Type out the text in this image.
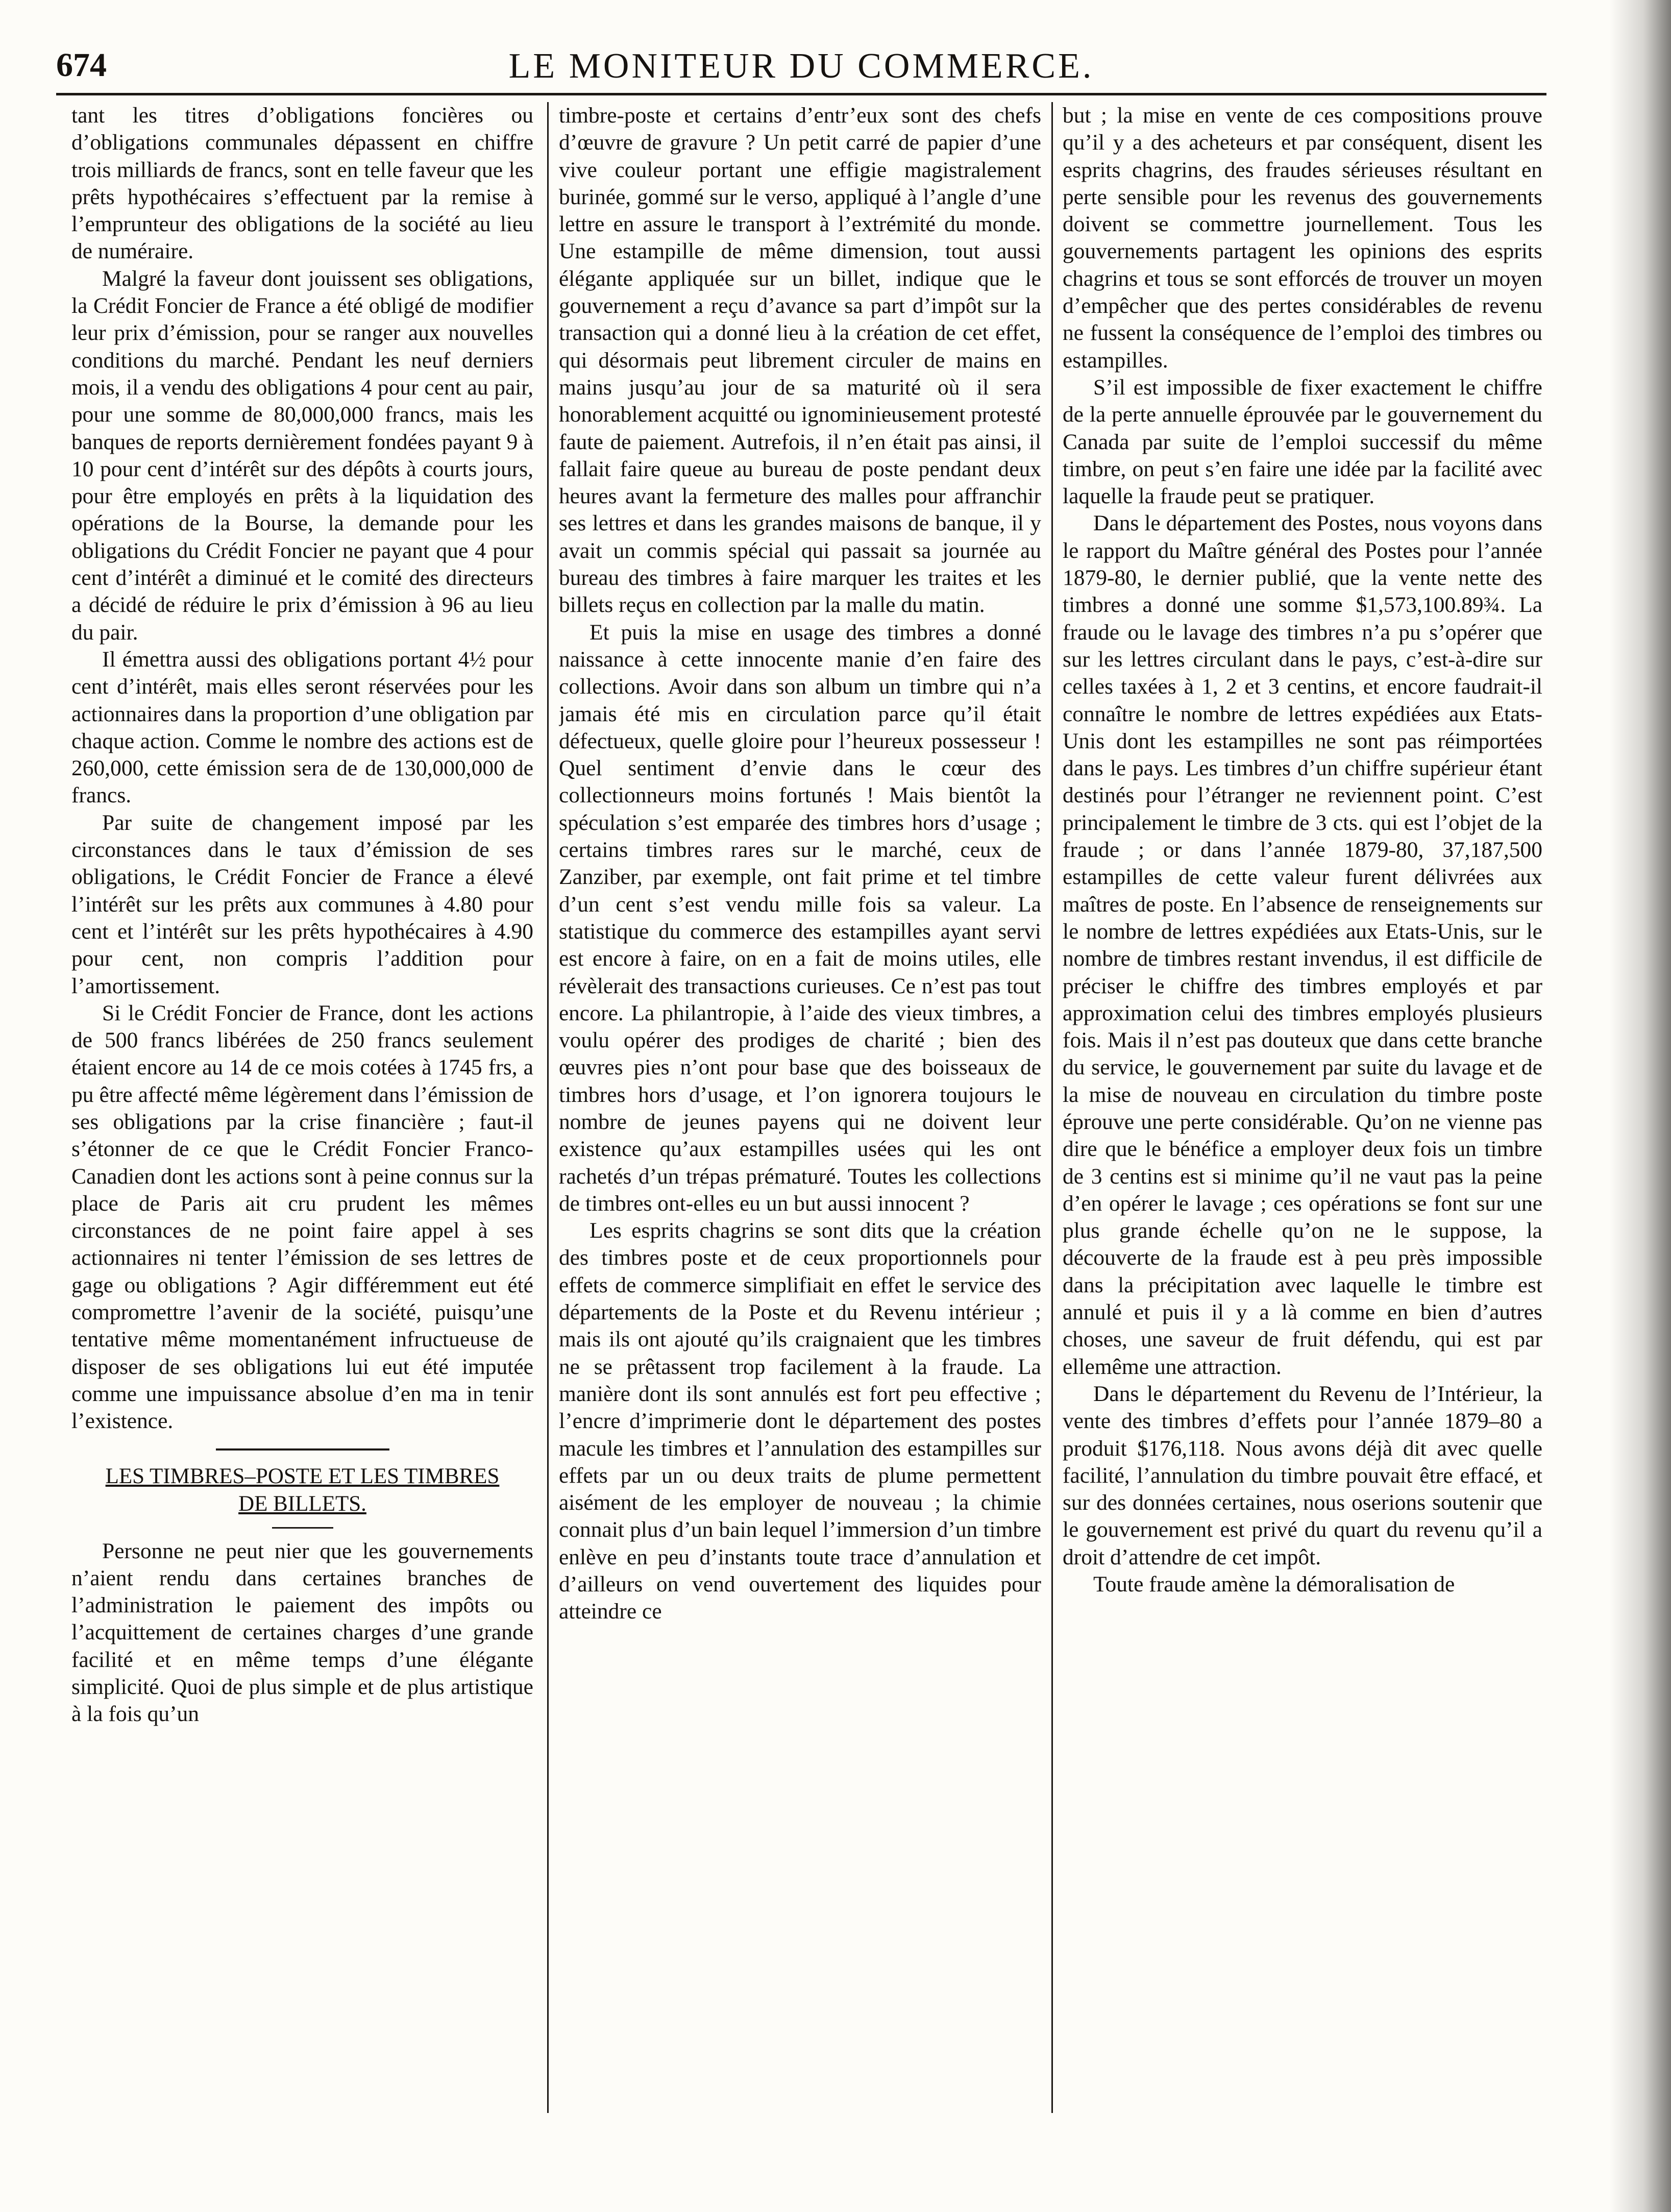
674	LE MONITEUR DU COMMERCE.

tant les titres d’obligations foncières ou d’obligations communales dépassent en chiffre trois milliards de francs, sont en telle faveur que les prêts hypothécaires s’effectuent par la remise à l’emprunteur des obligations de la société au lieu de numéraire.

Malgré la faveur dont jouissent ses obligations, la Crédit Foncier de France a été obligé de modifier leur prix d’émission, pour se ranger aux nouvelles conditions du marché. Pendant les neuf derniers mois, il a vendu des obligations 4 pour cent au pair, pour une somme de 80,000,000 francs, mais les banques de reports dernièrement fondées payant 9 à 10 pour cent d’intérêt sur des dépôts à courts jours, pour être employés en prêts à la liquidation des opérations de la Bourse, la demande pour les obligations du Crédit Foncier ne payant que 4 pour cent d’intérêt a diminué et le comité des directeurs a décidé de réduire le prix d’émission à 96 au lieu du pair.

Il émettra aussi des obligations portant 4½ pour cent d’intérêt, mais elles seront réservées pour les actionnaires dans la proportion d’une obligation par chaque action. Comme le nombre des actions est de 260,000, cette émission sera de de 130,000,000 de francs.

Par suite de changement imposé par les circonstances dans le taux d’émission de ses obligations, le Crédit Foncier de France a élevé l’intérêt sur les prêts aux communes à 4.80 pour cent et l’intérêt sur les prêts hypothécaires à 4.90 pour cent, non compris l’addition pour l’amortissement.

Si le Crédit Foncier de France, dont les actions de 500 francs libérées de 250 francs seulement étaient encore au 14 de ce mois cotées à 1745 frs, a pu être affecté même légèrement dans l’émission de ses obligations par la crise financière ; faut-il s’étonner de ce que le Crédit Foncier Franco-Canadien dont les actions sont à peine connus sur la place de Paris ait cru prudent les mêmes circonstances de ne point faire appel à ses actionnaires ni tenter l’émission de ses lettres de gage ou obligations ? Agir différemment eut été compromettre l’avenir de la société, puisqu’une tentative même momentanément infructueuse de disposer de ses obligations lui eut été imputée comme une impuissance absolue d’en ma in tenir l’existence.

LES TIMBRES–POSTE ET LES TIMBRES
DE BILLETS.

Personne ne peut nier que les gouvernements n’aient rendu dans certaines branches de l’administration le paiement des impôts ou l’acquittement de certaines charges d’une grande facilité et en même temps d’une élégante simplicité. Quoi de plus simple et de plus artistique à la fois qu’un

timbre-poste et certains d’entr’eux sont des chefs d’œuvre de gravure ? Un petit carré de papier d’une vive couleur portant une effigie magistralement burinée, gommé sur le verso, appliqué à l’angle d’une lettre en assure le transport à l’extrémité du monde. Une estampille de même dimension, tout aussi élégante appliquée sur un billet, indique que le gouvernement a reçu d’avance sa part d’impôt sur la transaction qui a donné lieu à la création de cet effet, qui désormais peut librement circuler de mains en mains jusqu’au jour de sa maturité où il sera honorablement acquitté ou ignominieusement protesté faute de paiement. Autrefois, il n’en était pas ainsi, il fallait faire queue au bureau de poste pendant deux heures avant la fermeture des malles pour affranchir ses lettres et dans les grandes maisons de banque, il y avait un commis spécial qui passait sa journée au bureau des timbres à faire marquer les traites et les billets reçus en collection par la malle du matin.

Et puis la mise en usage des timbres a donné naissance à cette innocente manie d’en faire des collections. Avoir dans son album un timbre qui n’a jamais été mis en circulation parce qu’il était défectueux, quelle gloire pour l’heureux possesseur ! Quel sentiment d’envie dans le cœur des collectionneurs moins fortunés ! Mais bientôt la spéculation s’est emparée des timbres hors d’usage ; certains timbres rares sur le marché, ceux de Zanziber, par exemple, ont fait prime et tel timbre d’un cent s’est vendu mille fois sa valeur. La statistique du commerce des estampilles ayant servi est encore à faire, on en a fait de moins utiles, elle révèlerait des transactions curieuses. Ce n’est pas tout encore. La philantropie, à l’aide des vieux timbres, a voulu opérer des prodiges de charité ; bien des œuvres pies n’ont pour base que des boisseaux de timbres hors d’usage, et l’on ignorera toujours le nombre de jeunes payens qui ne doivent leur existence qu’aux estampilles usées qui les ont rachetés d’un trépas prématuré. Toutes les collections de timbres ont-elles eu un but aussi innocent ?

Les esprits chagrins se sont dits que la création des timbres poste et de ceux proportionnels pour effets de commerce simplifiait en effet le service des départements de la Poste et du Revenu intérieur ; mais ils ont ajouté qu’ils craignaient que les timbres ne se prêtassent trop facilement à la fraude. La manière dont ils sont annulés est fort peu effective ; l’encre d’imprimerie dont le département des postes macule les timbres et l’annulation des estampilles sur effets par un ou deux traits de plume permettent aisément de les employer de nouveau ; la chimie connait plus d’un bain lequel l’immersion d’un timbre enlève en peu d’instants toute trace d’annulation et d’ailleurs on vend ouvertement des liquides pour atteindre ce

but ; la mise en vente de ces compositions prouve qu’il y a des acheteurs et par conséquent, disent les esprits chagrins, des fraudes sérieuses résultant en perte sensible pour les revenus des gouvernements doivent se commettre journellement. Tous les gouvernements partagent les opinions des esprits chagrins et tous se sont efforcés de trouver un moyen d’empêcher que des pertes considérables de revenu ne fussent la conséquence de l’emploi des timbres ou estampilles.

S’il est impossible de fixer exactement le chiffre de la perte annuelle éprouvée par le gouvernement du Canada par suite de l’emploi successif du même timbre, on peut s’en faire une idée par la facilité avec laquelle la fraude peut se pratiquer.

Dans le département des Postes, nous voyons dans le rapport du Maître général des Postes pour l’année 1879-80, le dernier publié, que la vente nette des timbres a donné une somme $1,573,100.89¾. La fraude ou le lavage des timbres n’a pu s’opérer que sur les lettres circulant dans le pays, c’est-à-dire sur celles taxées à 1, 2 et 3 centins, et encore faudrait-il connaître le nombre de lettres expédiées aux Etats-Unis dont les estampilles ne sont pas réimportées dans le pays. Les timbres d’un chiffre supérieur étant destinés pour l’étranger ne reviennent point. C’est principalement le timbre de 3 cts. qui est l’objet de la fraude ; or dans l’année 1879-80, 37,187,500 estampilles de cette valeur furent délivrées aux maîtres de poste. En l’absence de renseignements sur le nombre de lettres expédiées aux Etats-Unis, sur le nombre de timbres restant invendus, il est difficile de préciser le chiffre des timbres employés et par approximation celui des timbres employés plusieurs fois. Mais il n’est pas douteux que dans cette branche du service, le gouvernement par suite du lavage et de la mise de nouveau en circulation du timbre poste éprouve une perte considérable. Qu’on ne vienne pas dire que le bénéfice a employer deux fois un timbre de 3 centins est si minime qu’il ne vaut pas la peine d’en opérer le lavage ; ces opérations se font sur une plus grande échelle qu’on ne le suppose, la découverte de la fraude est à peu près impossible dans la précipitation avec laquelle le timbre est annulé et puis il y a là comme en bien d’autres choses, une saveur de fruit défendu, qui est par ellemême une attraction.

Dans le département du Revenu de l’Intérieur, la vente des timbres d’effets pour l’année 1879–80 a produit $176,118. Nous avons déjà dit avec quelle facilité, l’annulation du timbre pouvait être effacé, et sur des données certaines, nous oserions soutenir que le gouvernement est privé du quart du revenu qu’il a droit d’attendre de cet impôt.

Toute fraude amène la démoralisation de
